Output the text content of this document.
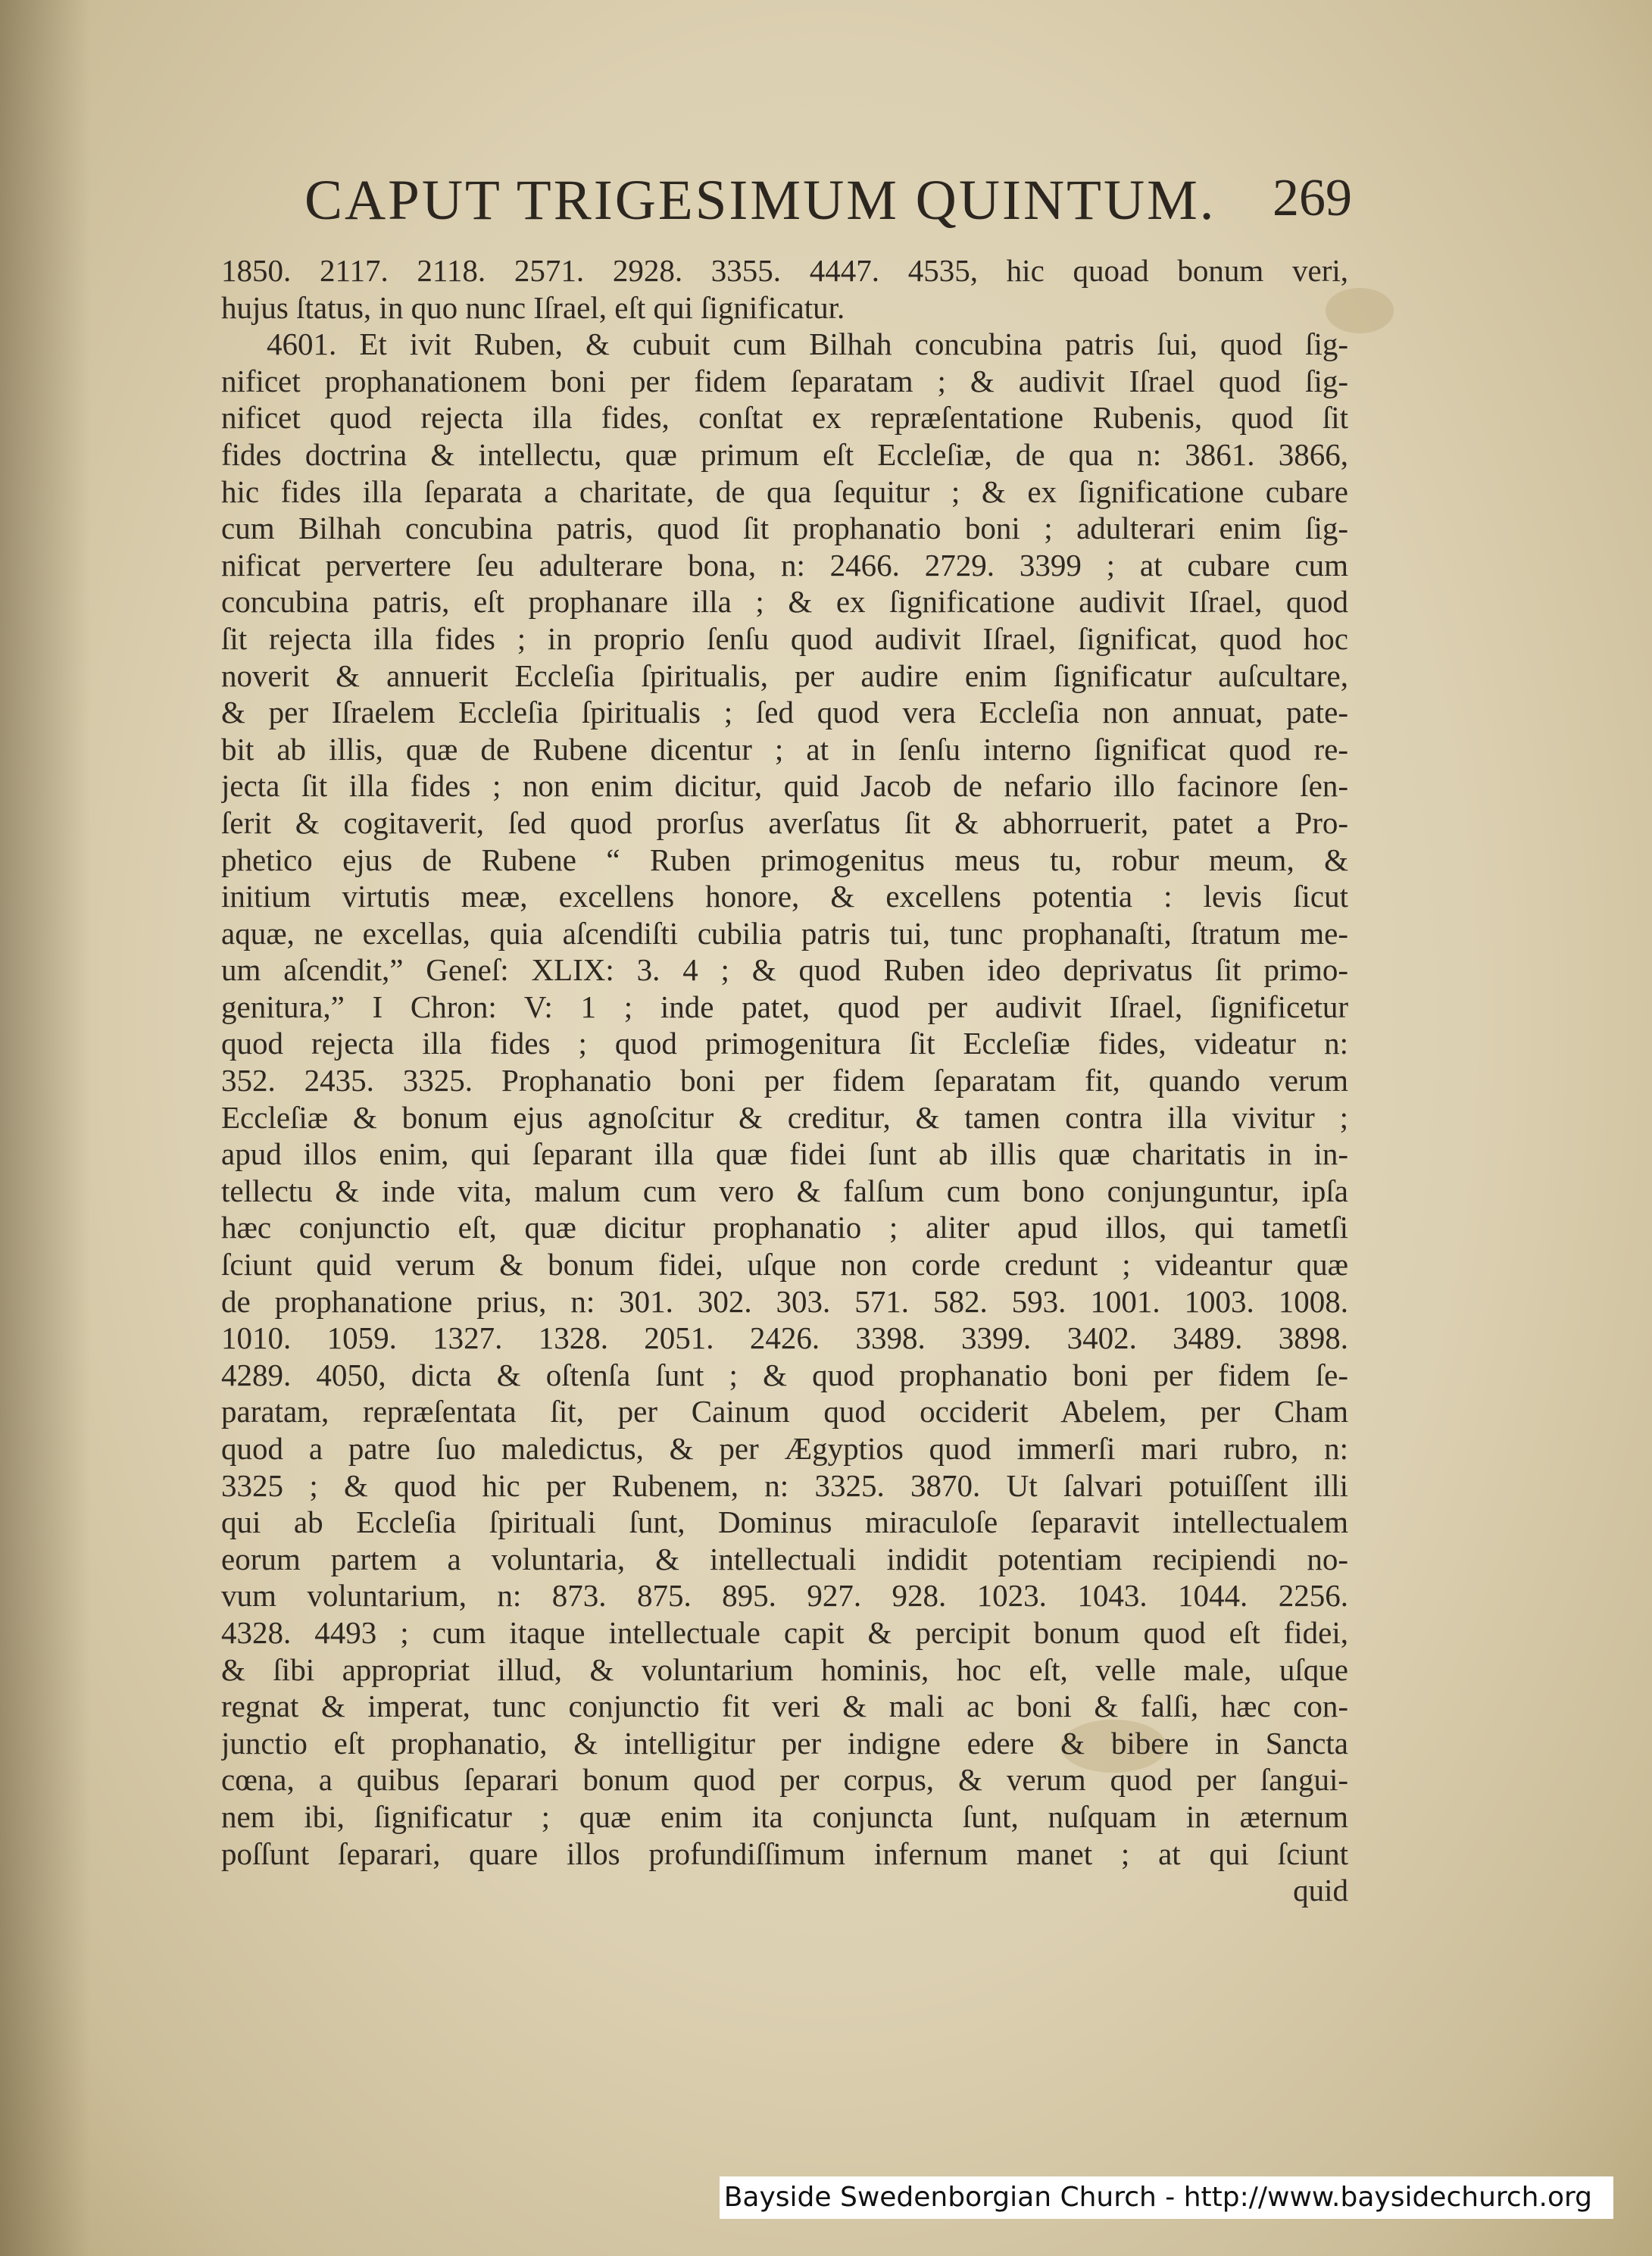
CAPUT TRIGESIMUM QUINTUM. 269
1850. 2117. 2118. 2571. 2928. 3355. 4447. 4535, hic quoad bonum veri,
hujus ſtatus, in quo nunc Iſrael, eſt qui ſignificatur.
4601. Et ivit Ruben, & cubuit cum Bilhah concubina patris ſui, quod ſig-
nificet prophanationem boni per fidem ſeparatam ; & audivit Iſrael quod ſig-
nificet quod rejecta illa fides, conſtat ex repræſentatione Rubenis, quod ſit
fides doctrina & intellectu, quæ primum eſt Eccleſiæ, de qua n: 3861. 3866,
hic fides illa ſeparata a charitate, de qua ſequitur ; & ex ſignificatione cubare
cum Bilhah concubina patris, quod ſit prophanatio boni ; adulterari enim ſig-
nificat pervertere ſeu adulterare bona, n: 2466. 2729. 3399 ; at cubare cum
concubina patris, eſt prophanare illa ; & ex ſignificatione audivit Iſrael, quod
ſit rejecta illa fides ; in proprio ſenſu quod audivit Iſrael, ſignificat, quod hoc
noverit & annuerit Eccleſia ſpiritualis, per audire enim ſignificatur auſcultare,
& per Iſraelem Eccleſia ſpiritualis ; ſed quod vera Eccleſia non annuat, pate-
bit ab illis, quæ de Rubene dicentur ; at in ſenſu interno ſignificat quod re-
jecta ſit illa fides ; non enim dicitur, quid Jacob de nefario illo facinore ſen-
ſerit & cogitaverit, ſed quod prorſus averſatus ſit & abhorruerit, patet a Pro-
phetico ejus de Rubene “ Ruben primogenitus meus tu, robur meum, &
initium virtutis meæ, excellens honore, & excellens potentia : levis ſicut
aquæ, ne excellas, quia aſcendiſti cubilia patris tui, tunc prophanaſti, ſtratum me-
um aſcendit,” Geneſ: XLIX: 3. 4 ; & quod Ruben ideo deprivatus ſit primo-
genitura,” I Chron: V: 1 ; inde patet, quod per audivit Iſrael, ſignificetur
quod rejecta illa fides ; quod primogenitura ſit Eccleſiæ fides, videatur n:
352. 2435. 3325. Prophanatio boni per fidem ſeparatam fit, quando verum
Eccleſiæ & bonum ejus agnoſcitur & creditur, & tamen contra illa vivitur ;
apud illos enim, qui ſeparant illa quæ fidei ſunt ab illis quæ charitatis in in-
tellectu & inde vita, malum cum vero & falſum cum bono conjunguntur, ipſa
hæc conjunctio eſt, quæ dicitur prophanatio ; aliter apud illos, qui tametſi
ſciunt quid verum & bonum fidei, uſque non corde credunt ; videantur quæ
de prophanatione prius, n: 301. 302. 303. 571. 582. 593. 1001. 1003. 1008.
1010. 1059. 1327. 1328. 2051. 2426. 3398. 3399. 3402. 3489. 3898.
4289. 4050, dicta & oſtenſa ſunt ; & quod prophanatio boni per fidem ſe-
paratam, repræſentata ſit, per Cainum quod occiderit Abelem, per Cham
quod a patre ſuo maledictus, & per Ægyptios quod immerſi mari rubro, n:
3325 ; & quod hic per Rubenem, n: 3325. 3870. Ut ſalvari potuiſſent illi
qui ab Eccleſia ſpirituali ſunt, Dominus miraculoſe ſeparavit intellectualem
eorum partem a voluntaria, & intellectuali indidit potentiam recipiendi no-
vum voluntarium, n: 873. 875. 895. 927. 928. 1023. 1043. 1044. 2256.
4328. 4493 ; cum itaque intellectuale capit & percipit bonum quod eſt fidei,
& ſibi appropriat illud, & voluntarium hominis, hoc eſt, velle male, uſque
regnat & imperat, tunc conjunctio fit veri & mali ac boni & falſi, hæc con-
junctio eſt prophanatio, & intelligitur per indigne edere & bibere in Sancta
cœna, a quibus ſeparari bonum quod per corpus, & verum quod per ſangui-
nem ibi, ſignificatur ; quæ enim ita conjuncta ſunt, nuſquam in æternum
poſſunt ſeparari, quare illos profundiſſimum infernum manet ; at qui ſciunt
quid
Bayside Swedenborgian Church - http://www.baysidechurch.org
